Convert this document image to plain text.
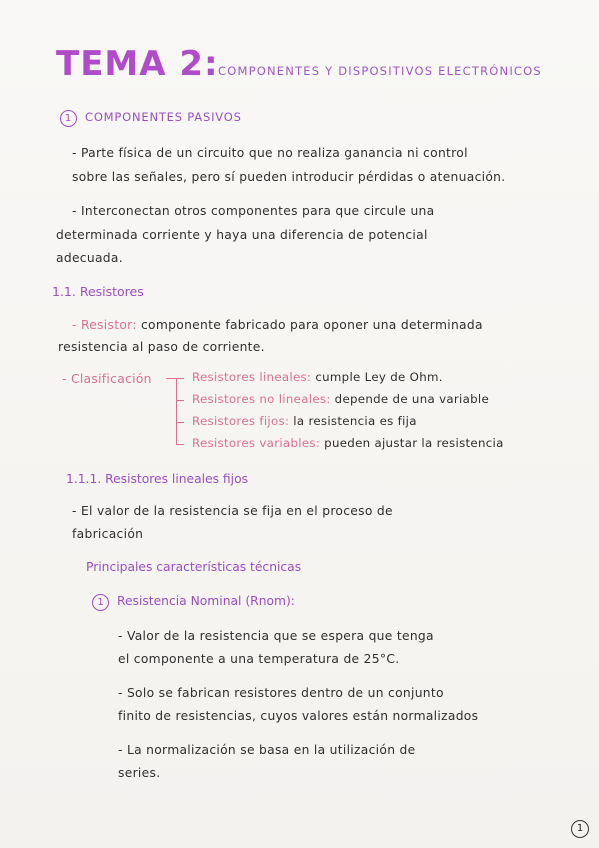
TEMA 2: COMPONENTES Y DISPOSITIVOS ELECTRÓNICOS
1 COMPONENTES PASIVOS
- Parte física de un circuito que no realiza ganancia ni control
sobre las señales, pero sí pueden introducir pérdidas o atenuación.
- Interconectan otros componentes para que circule una
determinada corriente y haya una diferencia de potencial
adecuada.
1.1. Resistores
- Resistor: componente fabricado para oponer una determinada
resistencia al paso de corriente.
- Clasificación	Resistores lineales: cumple Ley de Ohm.
Resistores no lineales: depende de una variable
Resistores fijos: la resistencia es fija
Resistores variables: pueden ajustar la resistencia
1.1.1. Resistores lineales fijos
- El valor de la resistencia se fija en el proceso de
fabricación
Principales características técnicas
1 Resistencia Nominal (Rnom):
- Valor de la resistencia que se espera que tenga
el componente a una temperatura de 25°C.
- Solo se fabrican resistores dentro de un conjunto
finito de resistencias, cuyos valores están normalizados
- La normalización se basa en la utilización de
series.
1
